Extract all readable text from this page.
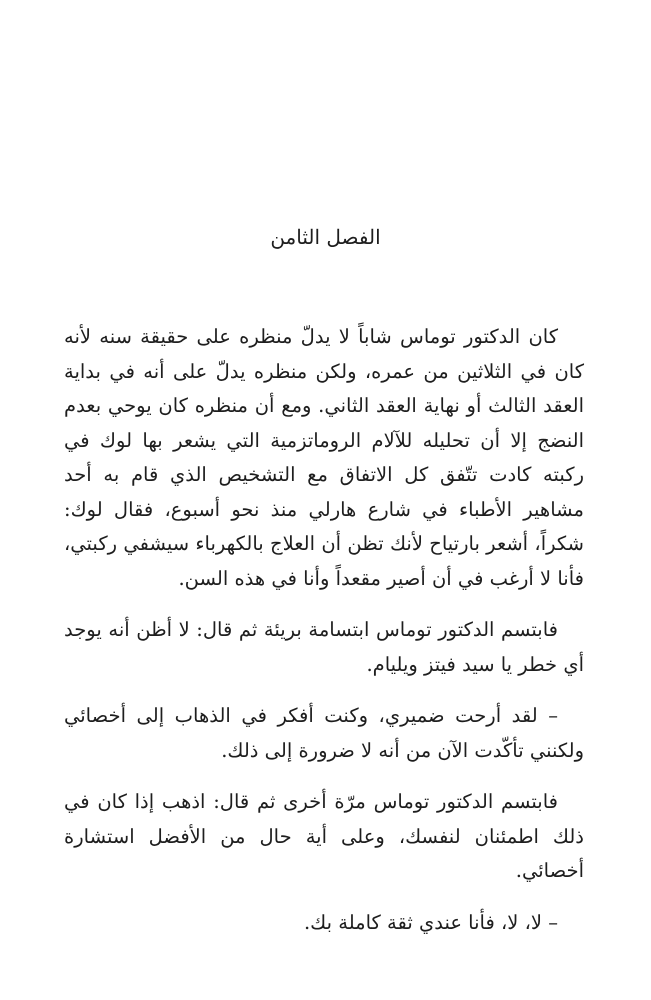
الفصل الثامن

كان الدكتور توماس شاباً لا يدلّ منظره على حقيقة سنه لأنه كان في الثلاثين من عمره، ولكن منظره يدلّ على أنه في بداية العقد الثالث أو نهاية العقد الثاني. ومع أن منظره كان يوحي بعدم النضج إلا أن تحليله للآلام الروماتزمية التي يشعر بها لوك في ركبته كادت تتّفق كل الاتفاق مع التشخيص الذي قام به أحد مشاهير الأطباء في شارع هارلي منذ نحو أسبوع، فقال لوك: شكراً، أشعر بارتياح لأنك تظن أن العلاج بالكهرباء سيشفي ركبتي، فأنا لا أرغب في أن أصير مقعداً وأنا في هذه السن.

فابتسم الدكتور توماس ابتسامة بريئة ثم قال: لا أظن أنه يوجد أي خطر يا سيد فيتز ويليام.

– لقد أرحت ضميري، وكنت أفكر في الذهاب إلى أخصائي ولكنني تأكّدت الآن من أنه لا ضرورة إلى ذلك.

فابتسم الدكتور توماس مرّة أخرى ثم قال: اذهب إذا كان في ذلك اطمئنان لنفسك، وعلى أية حال من الأفضل استشارة أخصائي.

– لا، لا، فأنا عندي ثقة كاملة بك.
